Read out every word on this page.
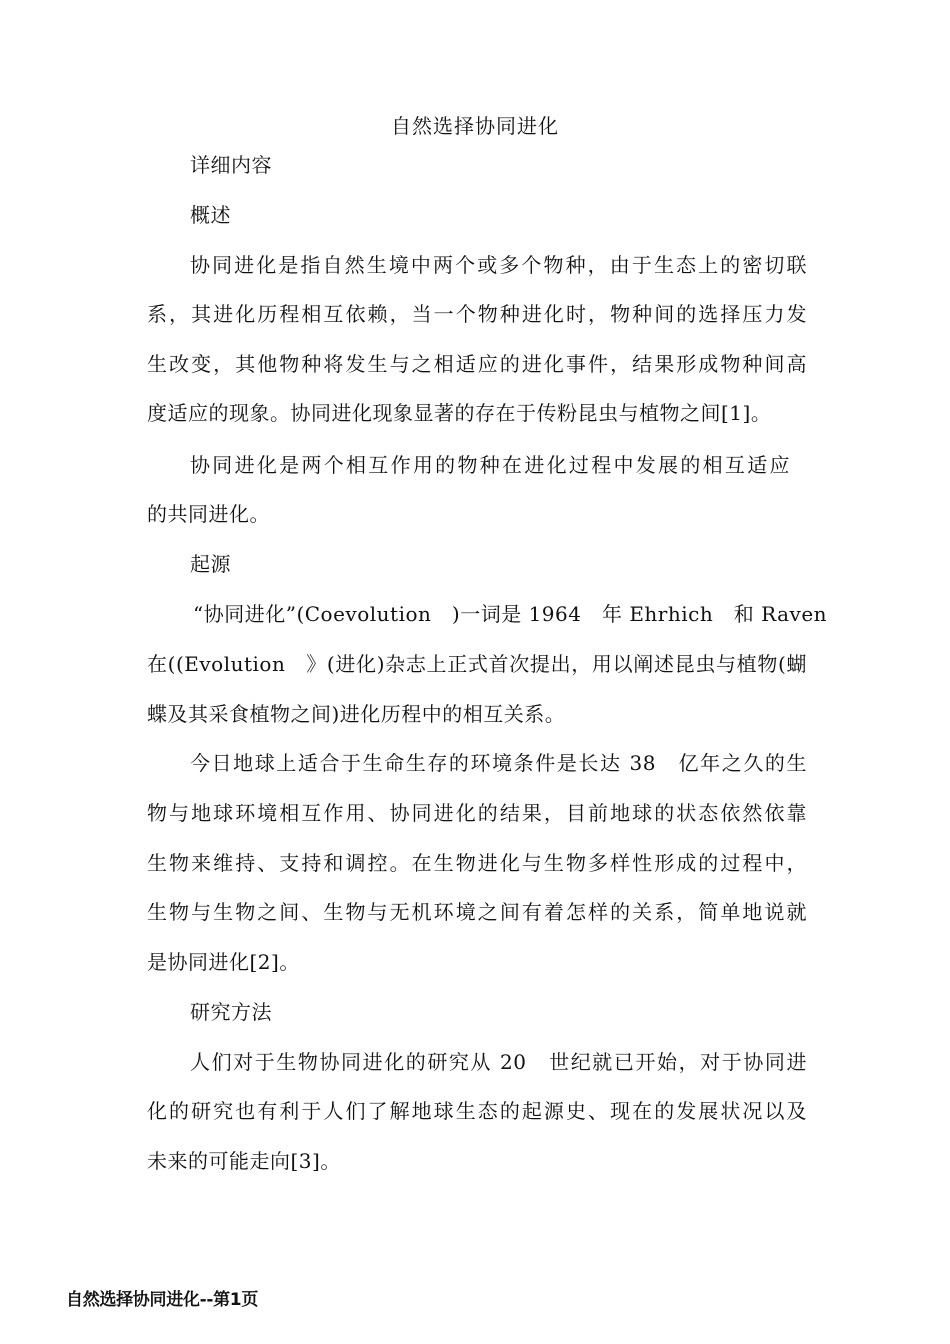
自然选择协同进化
详细内容
概述
协同进化是指自然生境中两个或多个物种，由于生态上的密切联
系，其进化历程相互依赖，当一个物种进化时，物种间的选择压力发
生改变，其他物种将发生与之相适应的进化事件，结果形成物种间高
度适应的现象。协同进化现象显著的存在于传粉昆虫与植物之间[1]。
协同进化是两个相互作用的物种在进化过程中发展的相互适应
的共同进化。
起源
“协同进化”(Coevolution　)一词是 1964　年 Ehrhich　和 Raven
在((Evolution　》(进化)杂志上正式首次提出，用以阐述昆虫与植物(蝴
蝶及其采食植物之间)进化历程中的相互关系。
今日地球上适合于生命生存的环境条件是长达 38　亿年之久的生
物与地球环境相互作用、协同进化的结果，目前地球的状态依然依靠
生物来维持、支持和调控。在生物进化与生物多样性形成的过程中，
生物与生物之间、生物与无机环境之间有着怎样的关系，简单地说就
是协同进化[2]。
研究方法
人们对于生物协同进化的研究从 20　世纪就已开始，对于协同进
化的研究也有利于人们了解地球生态的起源史、现在的发展状况以及
未来的可能走向[3]。
自然选择协同进化--第1页
